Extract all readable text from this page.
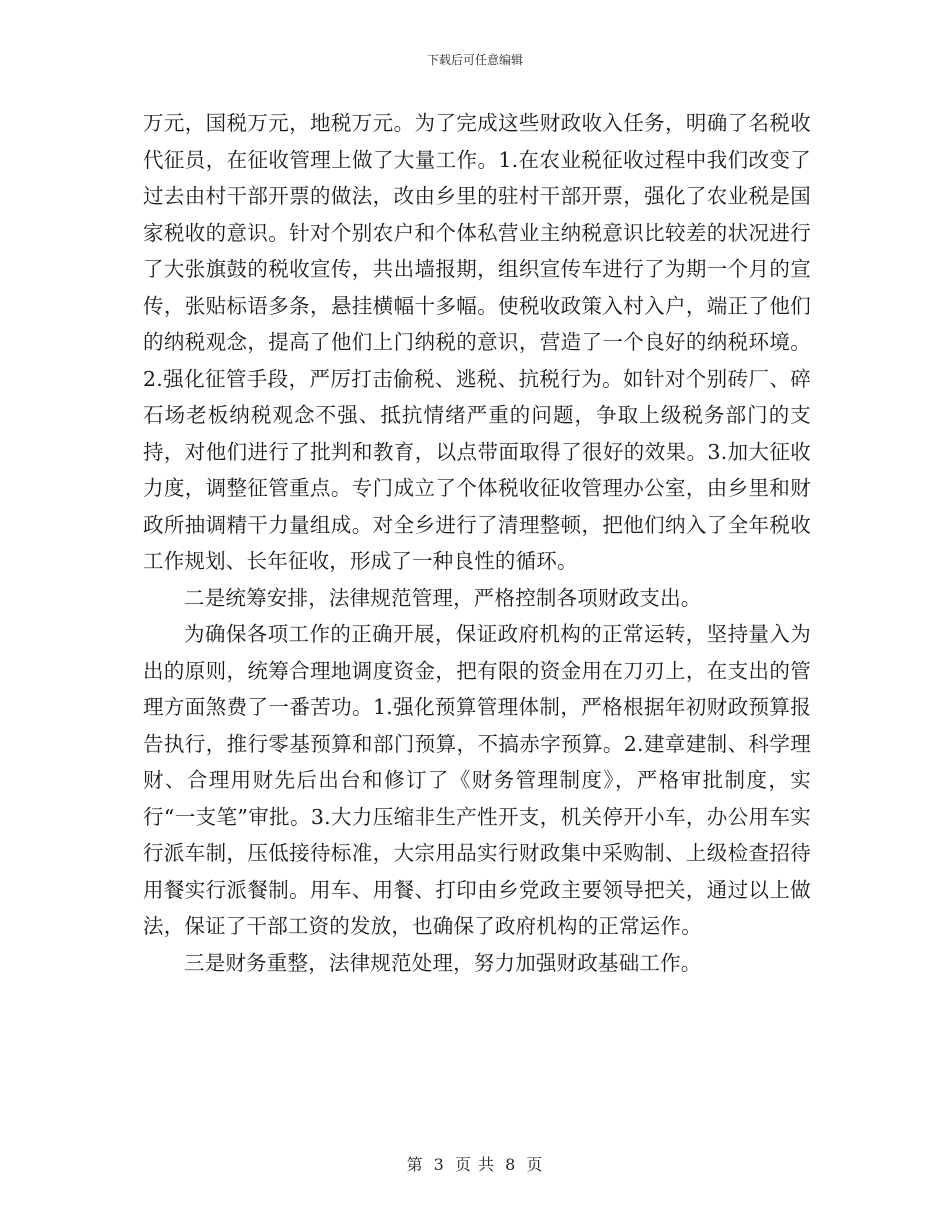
下载后可任意编辑

万元，国税万元，地税万元。为了完成这些财政收入任务，明确了名税收代征员，在征收管理上做了大量工作。1.在农业税征收过程中我们改变了过去由村干部开票的做法，改由乡里的驻村干部开票，强化了农业税是国家税收的意识。针对个别农户和个体私营业主纳税意识比较差的状况进行了大张旗鼓的税收宣传，共出墙报期，组织宣传车进行了为期一个月的宣传，张贴标语多条，悬挂横幅十多幅。使税收政策入村入户，端正了他们的纳税观念，提高了他们上门纳税的意识，营造了一个良好的纳税环境。2.强化征管手段，严厉打击偷税、逃税、抗税行为。如针对个别砖厂、碎石场老板纳税观念不强、抵抗情绪严重的问题，争取上级税务部门的支持，对他们进行了批判和教育，以点带面取得了很好的效果。3.加大征收力度，调整征管重点。专门成立了个体税收征收管理办公室，由乡里和财政所抽调精干力量组成。对全乡进行了清理整顿，把他们纳入了全年税收工作规划、长年征收，形成了一种良性的循环。

二是统筹安排，法律规范管理，严格控制各项财政支出。

为确保各项工作的正确开展，保证政府机构的正常运转，坚持量入为出的原则，统筹合理地调度资金，把有限的资金用在刀刃上，在支出的管理方面煞费了一番苦功。1.强化预算管理体制，严格根据年初财政预算报告执行，推行零基预算和部门预算，不搞赤字预算。2.建章建制、科学理财、合理用财先后出台和修订了《财务管理制度》，严格审批制度，实行“一支笔”审批。3.大力压缩非生产性开支，机关停开小车，办公用车实行派车制，压低接待标准，大宗用品实行财政集中采购制、上级检查招待用餐实行派餐制。用车、用餐、打印由乡党政主要领导把关，通过以上做法，保证了干部工资的发放，也确保了政府机构的正常运作。

三是财务重整，法律规范处理，努力加强财政基础工作。

第 3 页 共 8 页
